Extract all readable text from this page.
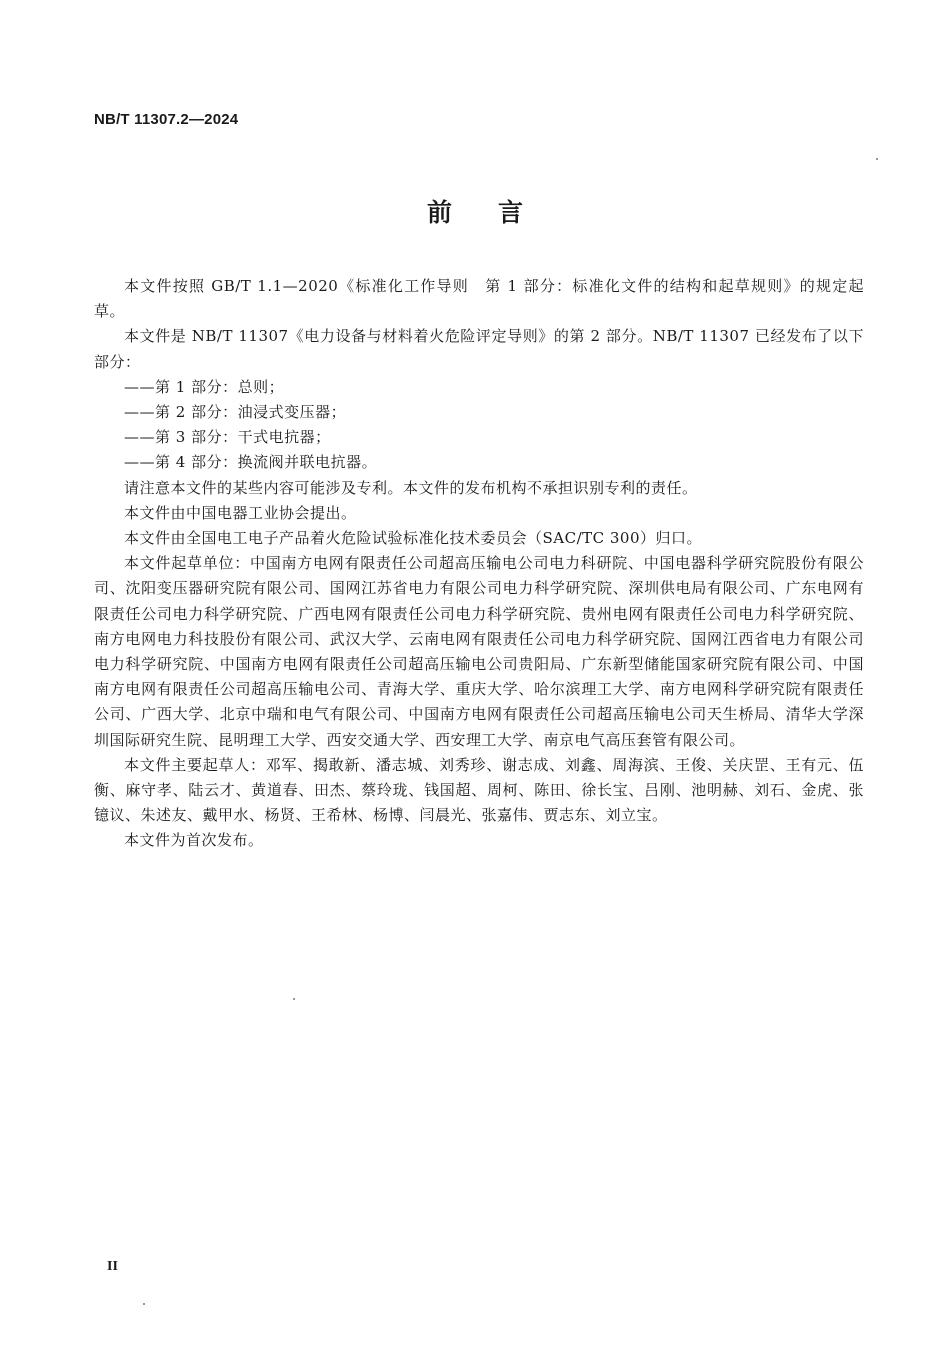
NB/T 11307.2—2024
前言

本文件按照 GB/T 1.1—2020《标准化工作导则　第 1 部分：标准化文件的结构和起草规则》的规定起草。

本文件是 NB/T 11307《电力设备与材料着火危险评定导则》的第 2 部分。NB/T 11307 已经发布了以下部分：

——第 1 部分：总则；

——第 2 部分：油浸式变压器；

——第 3 部分：干式电抗器；

——第 4 部分：换流阀并联电抗器。

请注意本文件的某些内容可能涉及专利。本文件的发布机构不承担识别专利的责任。

本文件由中国电器工业协会提出。

本文件由全国电工电子产品着火危险试验标准化技术委员会（SAC/TC 300）归口。

本文件起草单位：中国南方电网有限责任公司超高压输电公司电力科研院、中国电器科学研究院股份有限公司、沈阳变压器研究院有限公司、国网江苏省电力有限公司电力科学研究院、深圳供电局有限公司、广东电网有限责任公司电力科学研究院、广西电网有限责任公司电力科学研究院、贵州电网有限责任公司电力科学研究院、南方电网电力科技股份有限公司、武汉大学、云南电网有限责任公司电力科学研究院、国网江西省电力有限公司电力科学研究院、中国南方电网有限责任公司超高压输电公司贵阳局、广东新型储能国家研究院有限公司、中国南方电网有限责任公司超高压输电公司、青海大学、重庆大学、哈尔滨理工大学、南方电网科学研究院有限责任公司、广西大学、北京中瑞和电气有限公司、中国南方电网有限责任公司超高压输电公司天生桥局、清华大学深圳国际研究生院、昆明理工大学、西安交通大学、西安理工大学、南京电气高压套管有限公司。

本文件主要起草人：邓军、揭敢新、潘志城、刘秀珍、谢志成、刘鑫、周海滨、王俊、关庆罡、王有元、伍衡、麻守孝、陆云才、黄道春、田杰、蔡玲珑、钱国超、周柯、陈田、徐长宝、吕刚、池明赫、刘石、金虎、张镱议、朱述友、戴甲水、杨贤、王希林、杨博、闫晨光、张嘉伟、贾志东、刘立宝。

本文件为首次发布。

II
